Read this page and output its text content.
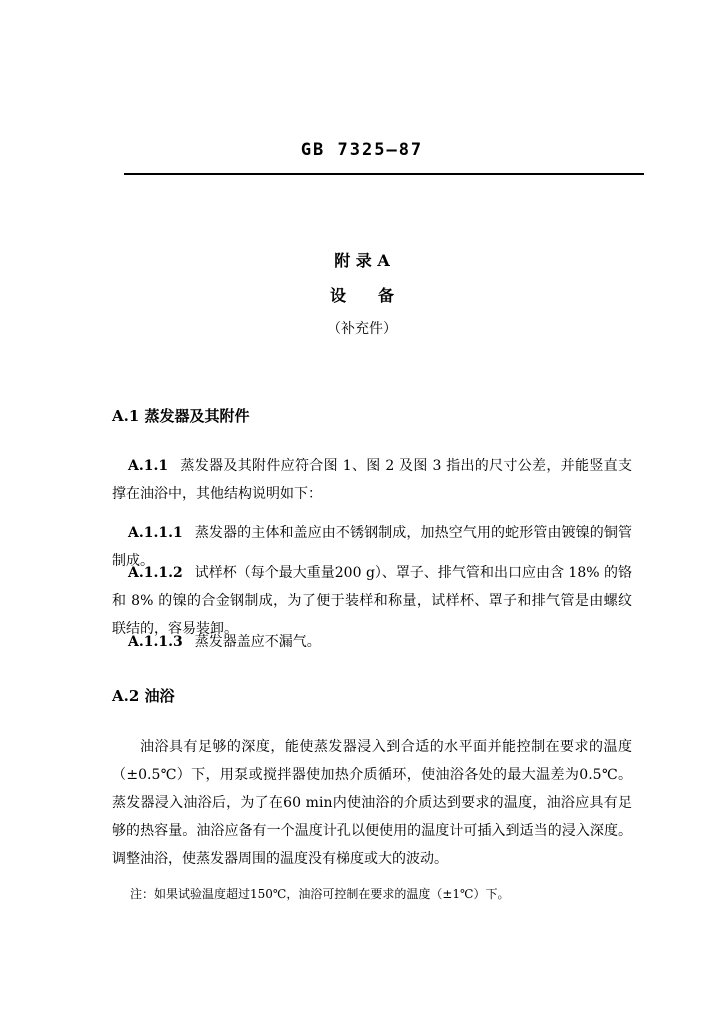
GB 7325—87
附 录 A
设　　备
（补充件）
A.1 蒸发器及其附件

A.1.1 蒸发器及其附件应符合图 1、图 2 及图 3 指出的尺寸公差，并能竖直支撑在油浴中，其他结构说明如下：

A.1.1.1 蒸发器的主体和盖应由不锈钢制成，加热空气用的蛇形管由镀镍的铜管制成。

A.1.1.2 试样杯（每个最大重量200 g）、罩子、排气管和出口应由含 18% 的铬和 8% 的镍的合金钢制成，为了便于装样和称量，试样杯、罩子和排气管是由螺纹联结的，容易装卸。

A.1.1.3 蒸发器盖应不漏气。

A.2 油浴

油浴具有足够的深度，能使蒸发器浸入到合适的水平面并能控制在要求的温度（±0.5℃）下，用泵或搅拌器使加热介质循环，使油浴各处的最大温差为0.5℃。蒸发器浸入油浴后，为了在60 min内使油浴的介质达到要求的温度，油浴应具有足够的热容量。油浴应备有一个温度计孔以便使用的温度计可插入到适当的浸入深度。调整油浴，使蒸发器周围的温度没有梯度或大的波动。

注：如果试验温度超过150℃，油浴可控制在要求的温度（±1℃）下。
